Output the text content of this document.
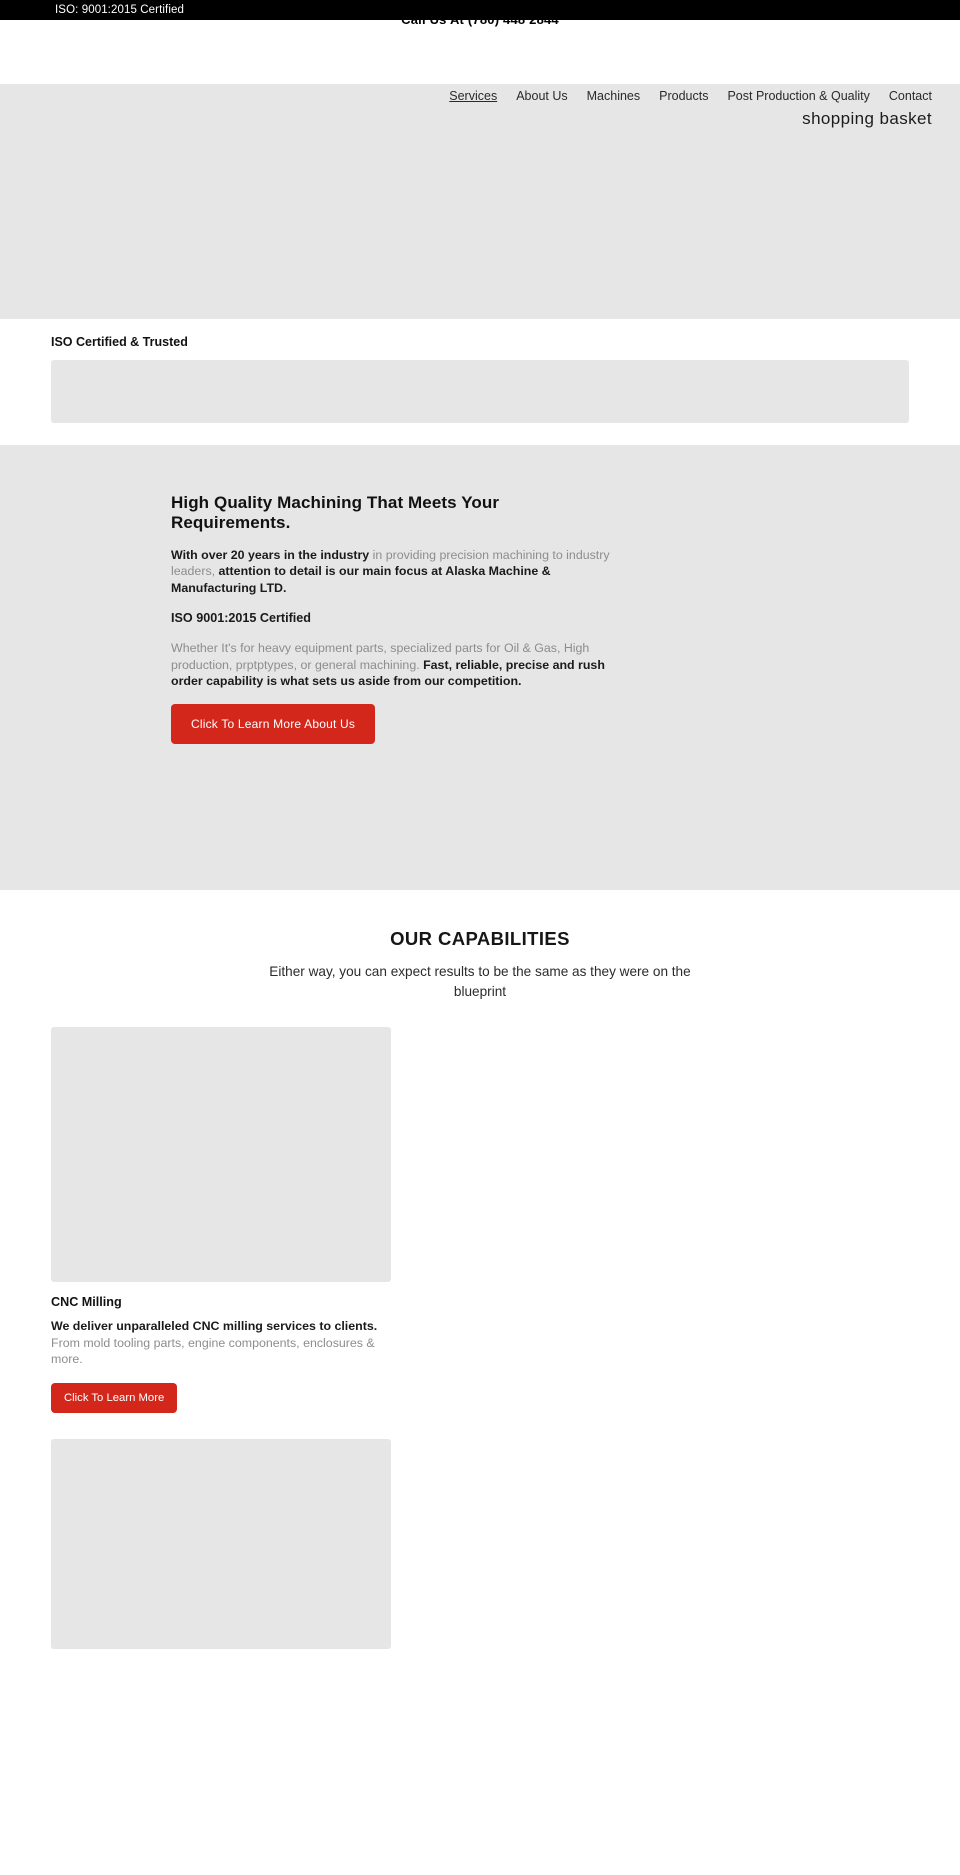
ISO: 9001:2015 Certified
Call Us At (780) 448 2844
Services About Us Machines Products Post Production & Quality Contact
shopping basket
ISO Certified & Trusted
High Quality Machining That Meets Your Requirements.

With over 20 years in the industry in providing precision machining to industry leaders, attention to detail is our main focus at Alaska Machine & Manufacturing LTD.

ISO 9001:2015 Certified

Whether It's for heavy equipment parts, specialized parts for Oil & Gas, High production, prptptypes, or general machining. Fast, reliable, precise and rush order capability is what sets us aside from our competition.

Click To Learn More About Us
OUR CAPABILITIES
Either way, you can expect results to be the same as they were on the blueprint
CNC Milling

We deliver unparalleled CNC milling services to clients. From mold tooling parts, engine components, enclosures & more.

Click To Learn More
